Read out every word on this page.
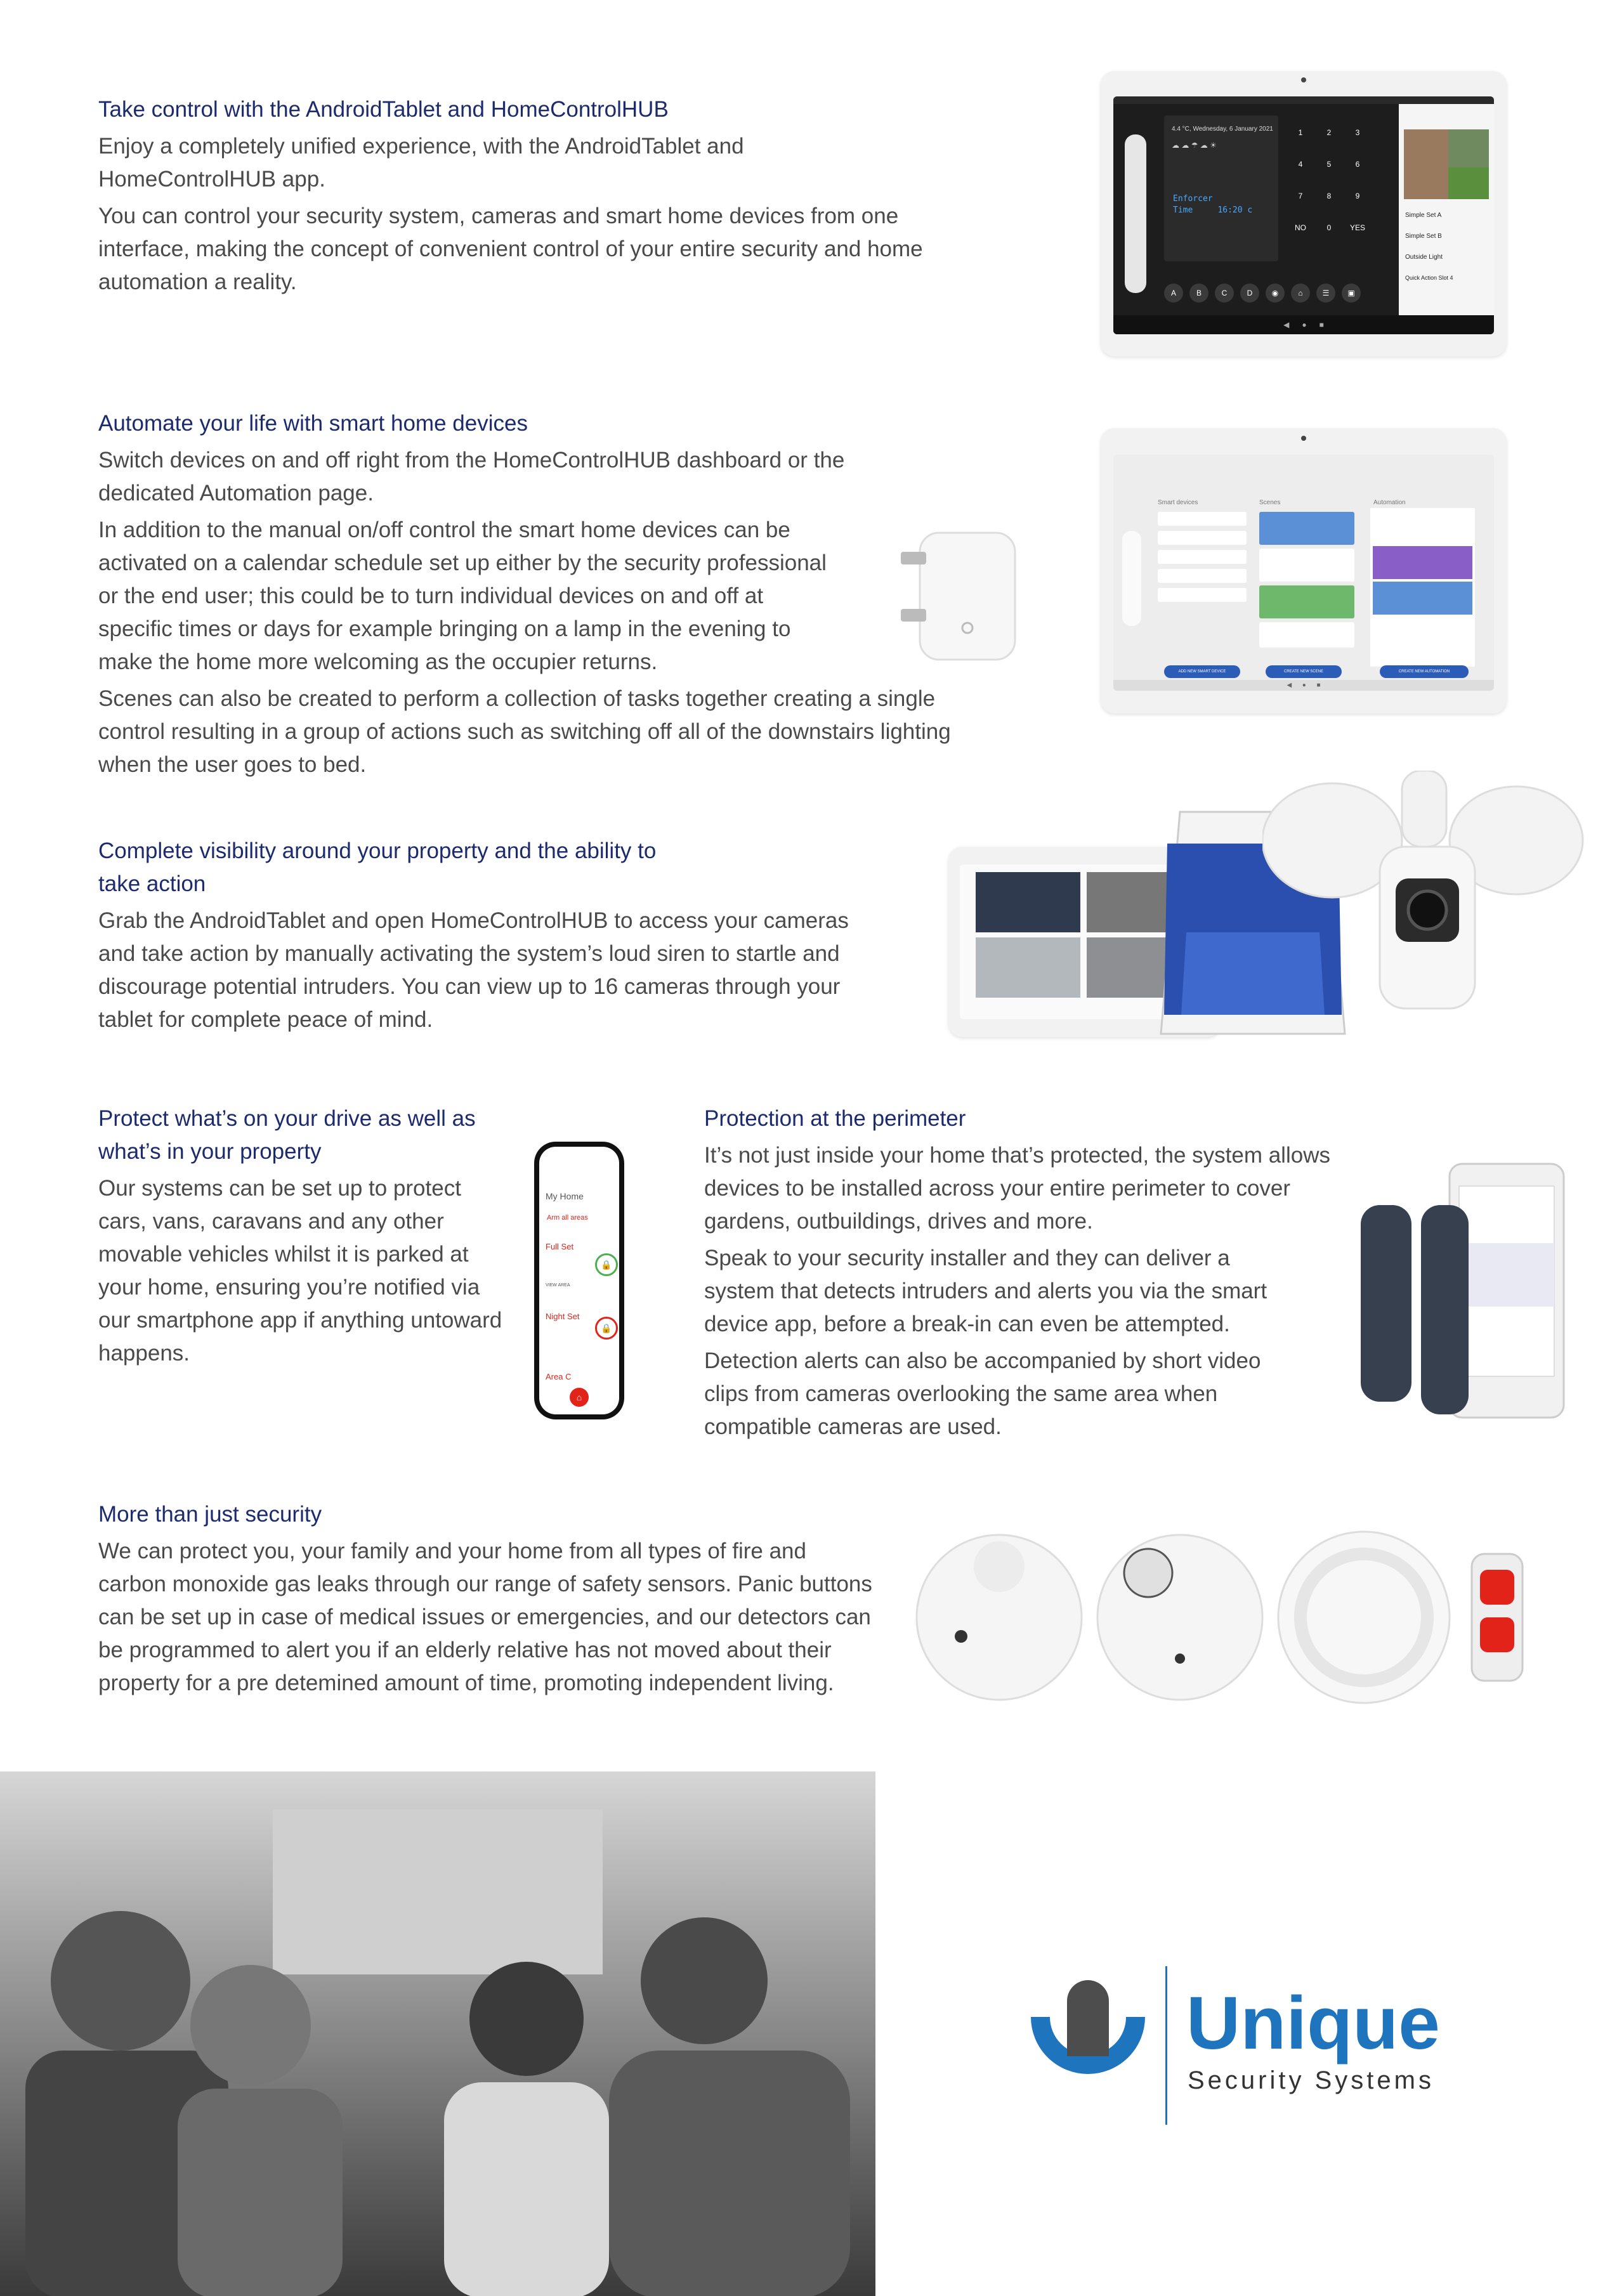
Take control with the AndroidTablet and HomeControlHUB

Enjoy a completely unified experience, with the AndroidTablet and HomeControlHUB app.

You can control your security system, cameras and smart home devices from one interface, making the concept of convenient control of your entire security and home automation a reality.

4.4 °C, Wednesday, 6 January 2021
☁ ☁ ☂ ☁ ☀
Enforcer
Time     16:20 c
1	2	3
4	5	6
7	8	9
NO	0	YES
A	B	C	D	◉	⌂	☰	▣
◀      ●      ■
Simple Set A
Simple Set B
Outside Light
Quick Action Slot 4
Automate your life with smart home devices

Switch devices on and off right from the HomeControlHUB dashboard or the dedicated Automation page.

In addition to the manual on/off control the smart home devices can be activated on a calendar schedule set up either by the security professional or the end user; this could be to turn individual devices on and off at specific times or days for example bringing on a lamp in the evening to make the home more welcoming as the occupier returns.

Scenes can also be created to perform a collection of tasks together creating a single control resulting in a group of actions such as switching off all of the downstairs lighting when the user goes to bed.

Smart devices	Scenes	Automation
ADD NEW SMART DEVICE	CREATE NEW SCENE	CREATE NEW AUTOMATION
◀      ●      ■
Complete visibility around your property and the ability to take action

Grab the AndroidTablet and open HomeControlHUB to access your cameras and take action by manually activating the system’s loud siren to startle and discourage potential intruders. You can view up to 16 cameras through your tablet for complete peace of mind.

Protect what’s on your drive as well as what’s in your property

Our systems can be set up to protect cars, vans, caravans and any other movable vehicles whilst it is parked at your home, ensuring you’re notified via our smartphone app if anything untoward happens.

My Home
Arm all areas
Full Set
Night Set
Area C
VIEW AREA
🔒
🔒
⌂
Protection at the perimeter

It’s not just inside your home that’s protected, the system allows devices to be installed across your entire perimeter to cover gardens, outbuildings, drives and more.

Speak to your security installer and they can deliver a system that detects intruders and alerts you via the smart device app, before a break-in can even be attempted.

Detection alerts can also be accompanied by short video clips from cameras overlooking the same area when compatible cameras are used.

More than just security

We can protect you, your family and your home from all types of fire and carbon monoxide gas leaks through our range of safety sensors. Panic buttons can be set up in case of medical issues or emergencies, and our detectors can be programmed to alert you if an elderly relative has not moved about their property for a pre detemined amount of time, promoting independent living.

Unique
Security Systems
